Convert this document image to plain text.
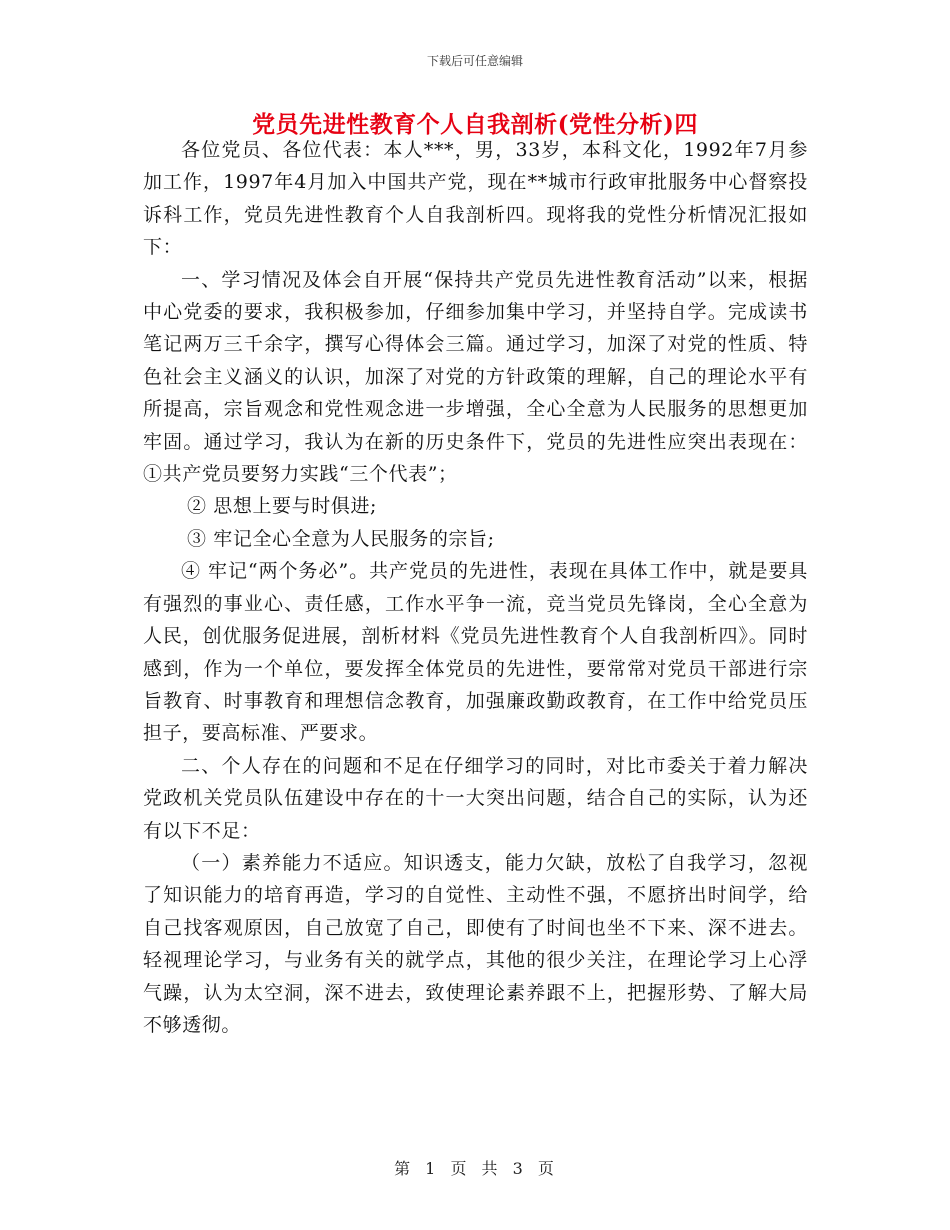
下载后可任意编辑
党员先进性教育个人自我剖析(党性分析)四

各位党员、各位代表：本人***，男，33岁，本科文化，1992年7月参加工作，1997年4月加入中国共产党，现在**城市行政审批服务中心督察投诉科工作，党员先进性教育个人自我剖析四。现将我的党性分析情况汇报如下：

一、学习情况及体会自开展“保持共产党员先进性教育活动”以来，根据中心党委的要求，我积极参加，仔细参加集中学习，并坚持自学。完成读书笔记两万三千余字，撰写心得体会三篇。通过学习，加深了对党的性质、特色社会主义涵义的认识，加深了对党的方针政策的理解，自己的理论水平有所提高，宗旨观念和党性观念进一步增强，全心全意为人民服务的思想更加牢固。通过学习，我认为在新的历史条件下，党员的先进性应突出表现在：①共产党员要努力实践“三个代表”；

② 思想上要与时俱进;

③ 牢记全心全意为人民服务的宗旨;

④ 牢记“两个务必”。共产党员的先进性，表现在具体工作中，就是要具有强烈的事业心、责任感，工作水平争一流，竞当党员先锋岗，全心全意为人民，创优服务促进展，剖析材料《党员先进性教育个人自我剖析四》。同时感到，作为一个单位，要发挥全体党员的先进性，要常常对党员干部进行宗旨教育、时事教育和理想信念教育，加强廉政勤政教育，在工作中给党员压担子，要高标准、严要求。

二、个人存在的问题和不足在仔细学习的同时，对比市委关于着力解决党政机关党员队伍建设中存在的十一大突出问题，结合自己的实际，认为还有以下不足：

（一）素养能力不适应。知识透支，能力欠缺，放松了自我学习，忽视了知识能力的培育再造，学习的自觉性、主动性不强，不愿挤出时间学，给自己找客观原因，自己放宽了自己，即使有了时间也坐不下来、深不进去。轻视理论学习，与业务有关的就学点，其他的很少关注，在理论学习上心浮气躁，认为太空洞，深不进去，致使理论素养跟不上，把握形势、了解大局不够透彻。

第 1 页 共 3 页
